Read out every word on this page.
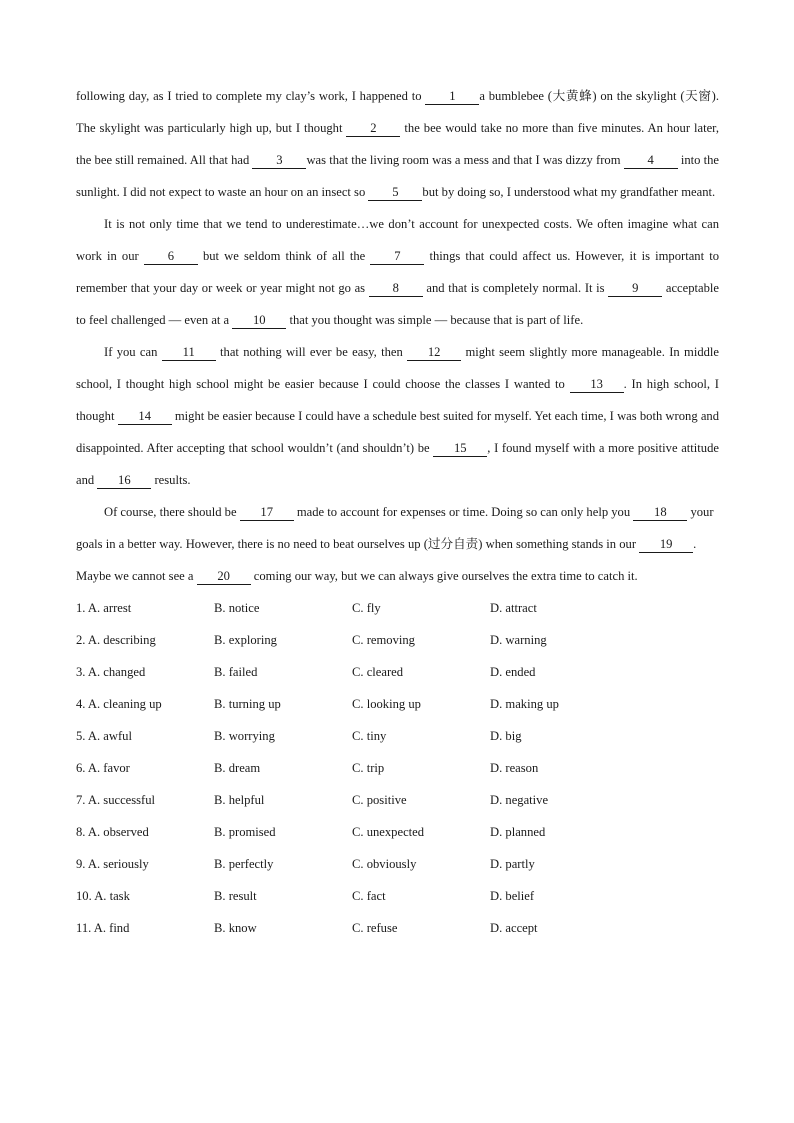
following day, as I tried to complete my clay’s work, I happened to 1 a bumblebee (大黄蜂) on the skylight (天窗). The skylight was particularly high up, but I thought 2 the bee would take no more than five minutes. An hour later, the bee still remained. All that had 3 was that the living room was a mess and that I was dizzy from 4 into the sunlight. I did not expect to waste an hour on an insect so 5 but by doing so, I understood what my grandfather meant.

It is not only time that we tend to underestimate…we don’t account for unexpected costs. We often imagine what can work in our 6 but we seldom think of all the 7 things that could affect us. However, it is important to remember that your day or week or year might not go as 8 and that is completely normal. It is 9 acceptable to feel challenged — even at a 10 that you thought was simple — because that is part of life.

If you can 11 that nothing will ever be easy, then 12 might seem slightly more manageable. In middle school, I thought high school might be easier because I could choose the classes I wanted to 13 . In high school, I thought 14 might be easier because I could have a schedule best suited for myself. Yet each time, I was both wrong and disappointed. After accepting that school wouldn’t (and shouldn’t) be 15 , I found myself with a more positive attitude and 16 results.

Of course, there should be 17 made to account for expenses or time. Doing so can only help you 18 your goals in a better way. However, there is no need to beat ourselves up (过分自责) when something stands in our 19 . Maybe we cannot see a 20 coming our way, but we can always give ourselves the extra time to catch it.

1. A. arrest	B. notice	C. fly	D. attract
2. A. describing	B. exploring	C. removing	D. warning
3. A. changed	B. failed	C. cleared	D. ended
4. A. cleaning up	B. turning up	C. looking up	D. making up
5. A. awful	B. worrying	C. tiny	D. big
6. A. favor	B. dream	C. trip	D. reason
7. A. successful	B. helpful	C. positive	D. negative
8. A. observed	B. promised	C. unexpected	D. planned
9. A. seriously	B. perfectly	C. obviously	D. partly
10. A. task	B. result	C. fact	D. belief
11. A. find	B. know	C. refuse	D. accept
